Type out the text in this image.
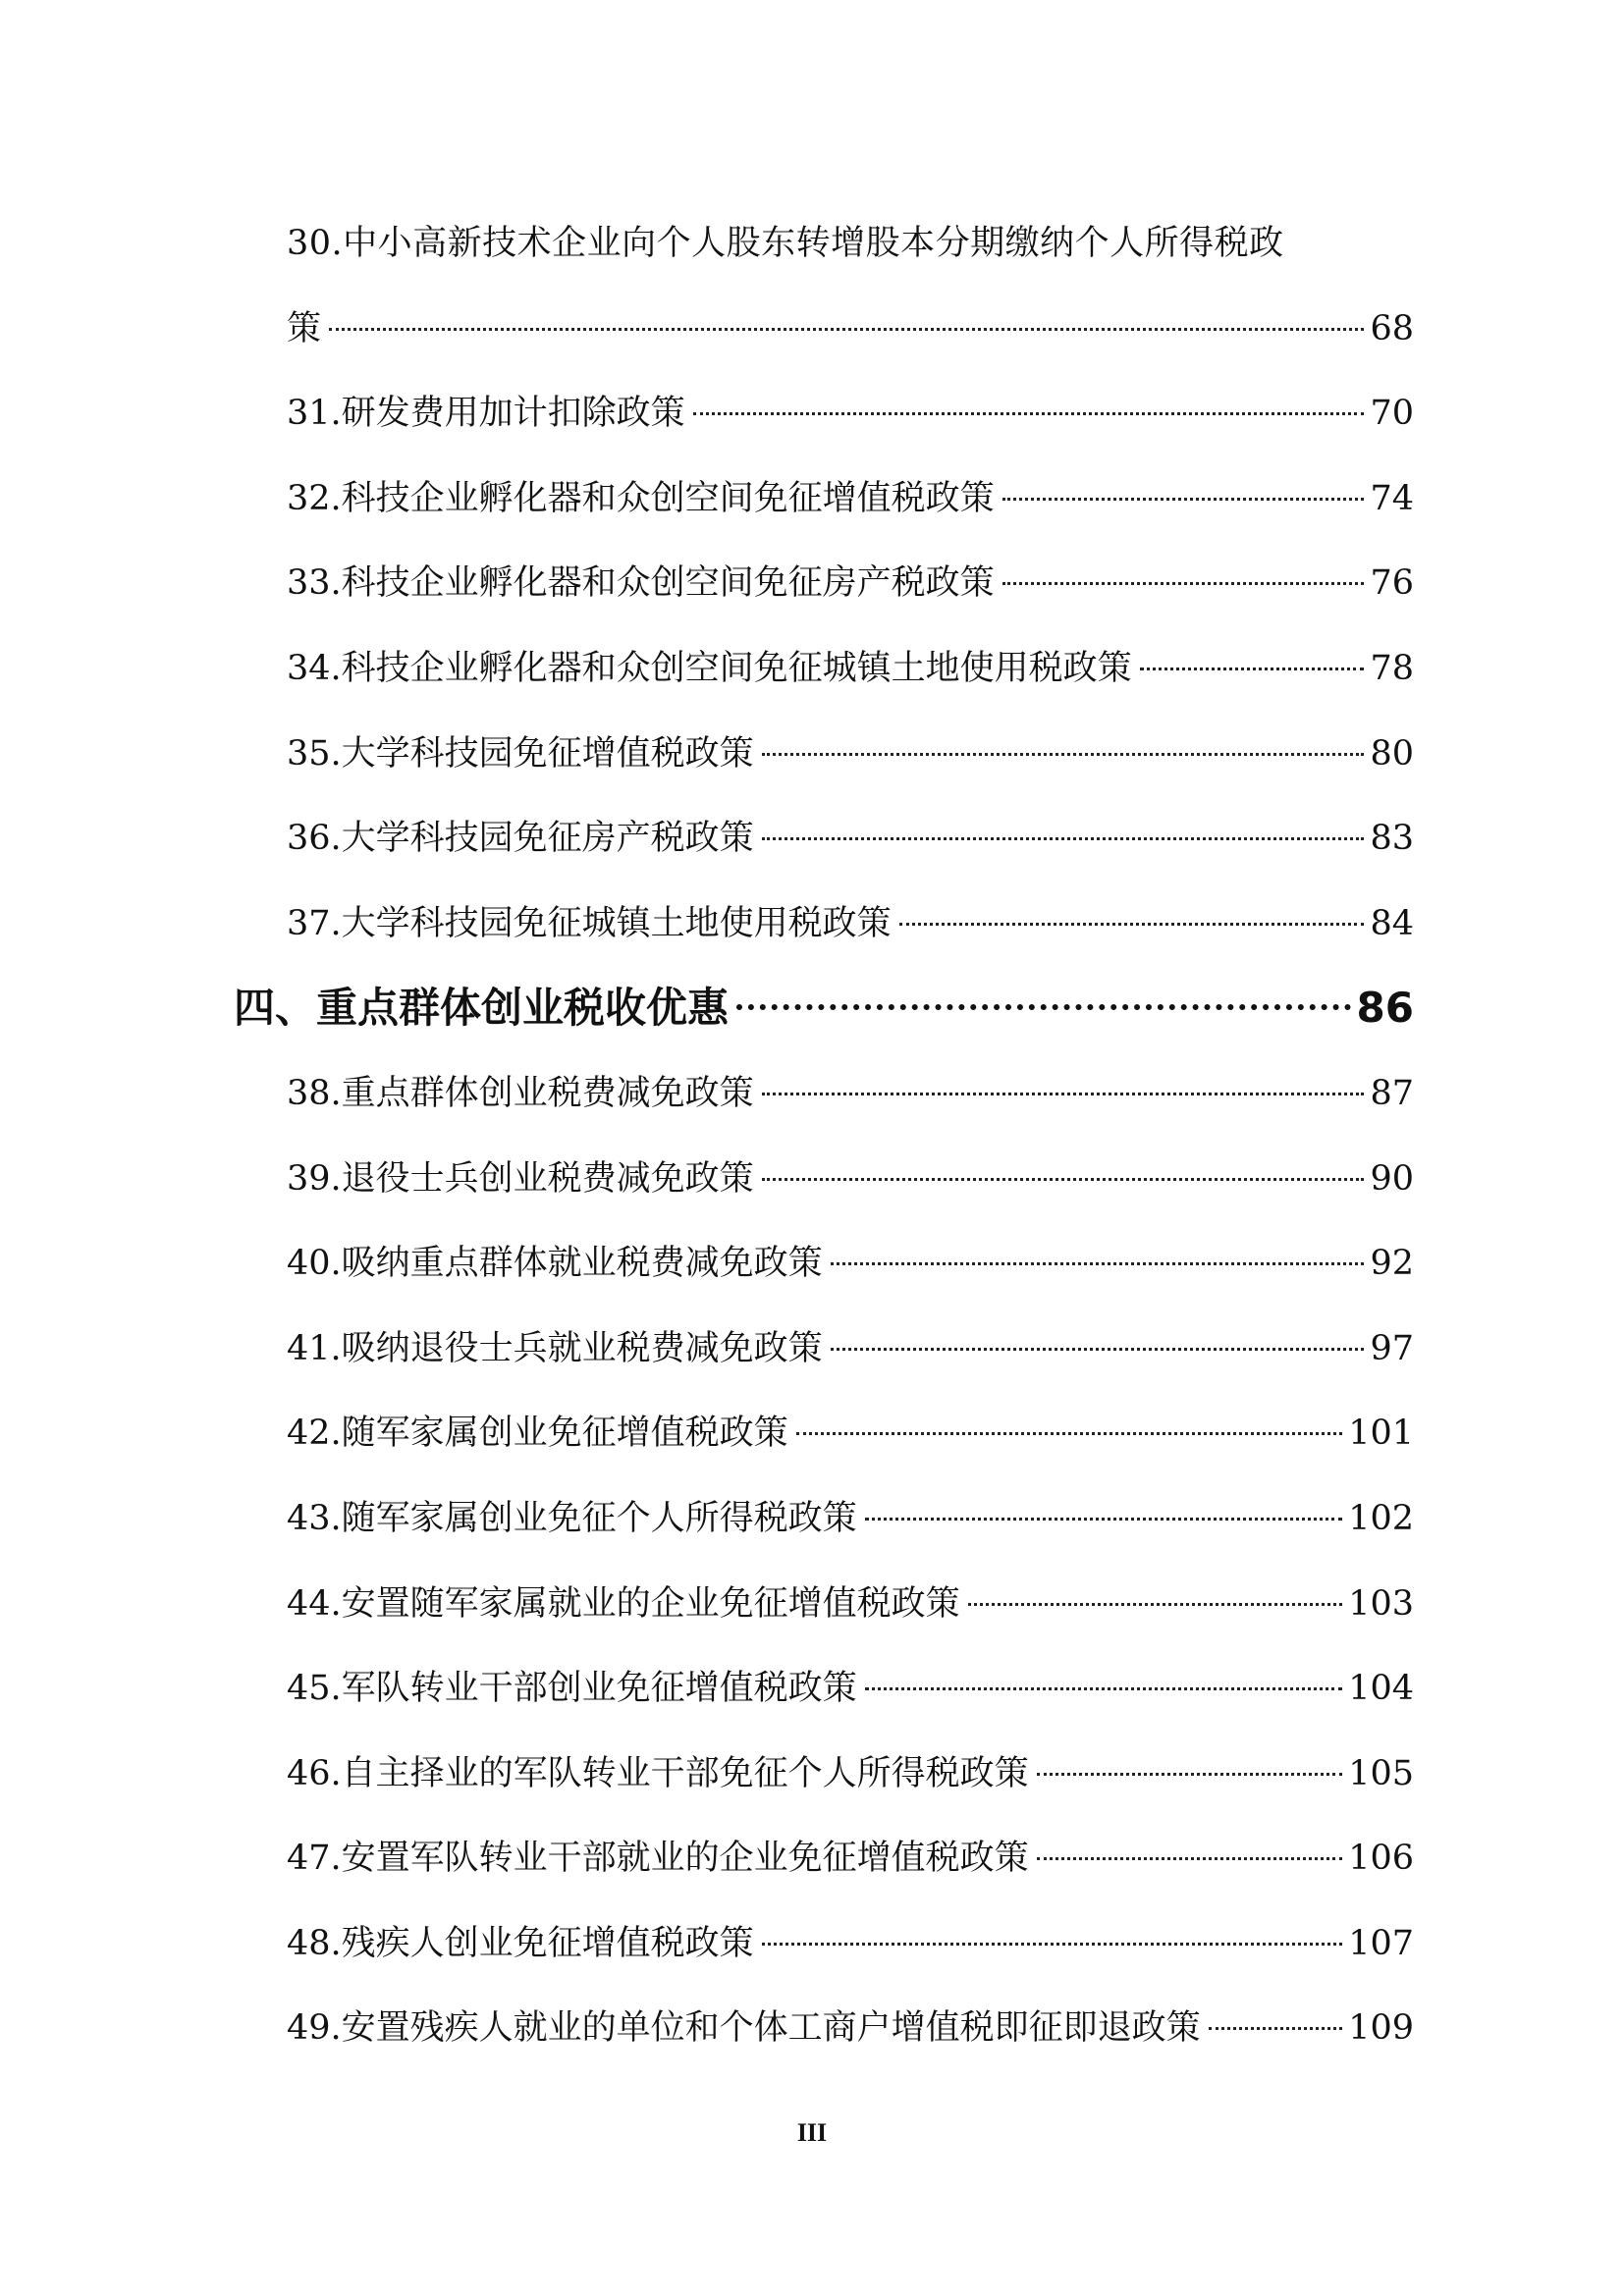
30.中小高新技术企业向个人股东转增股本分期缴纳个人所得税政
策	68
31.研发费用加计扣除政策	70
32.科技企业孵化器和众创空间免征增值税政策	74
33.科技企业孵化器和众创空间免征房产税政策	76
34.科技企业孵化器和众创空间免征城镇土地使用税政策	78
35.大学科技园免征增值税政策	80
36.大学科技园免征房产税政策	83
37.大学科技园免征城镇土地使用税政策	84
四、重点群体创业税收优惠	86
38.重点群体创业税费减免政策	87
39.退役士兵创业税费减免政策	90
40.吸纳重点群体就业税费减免政策	92
41.吸纳退役士兵就业税费减免政策	97
42.随军家属创业免征增值税政策	101
43.随军家属创业免征个人所得税政策	102
44.安置随军家属就业的企业免征增值税政策	103
45.军队转业干部创业免征增值税政策	104
46.自主择业的军队转业干部免征个人所得税政策	105
47.安置军队转业干部就业的企业免征增值税政策	106
48.残疾人创业免征增值税政策	107
49.安置残疾人就业的单位和个体工商户增值税即征即退政策	109
III
